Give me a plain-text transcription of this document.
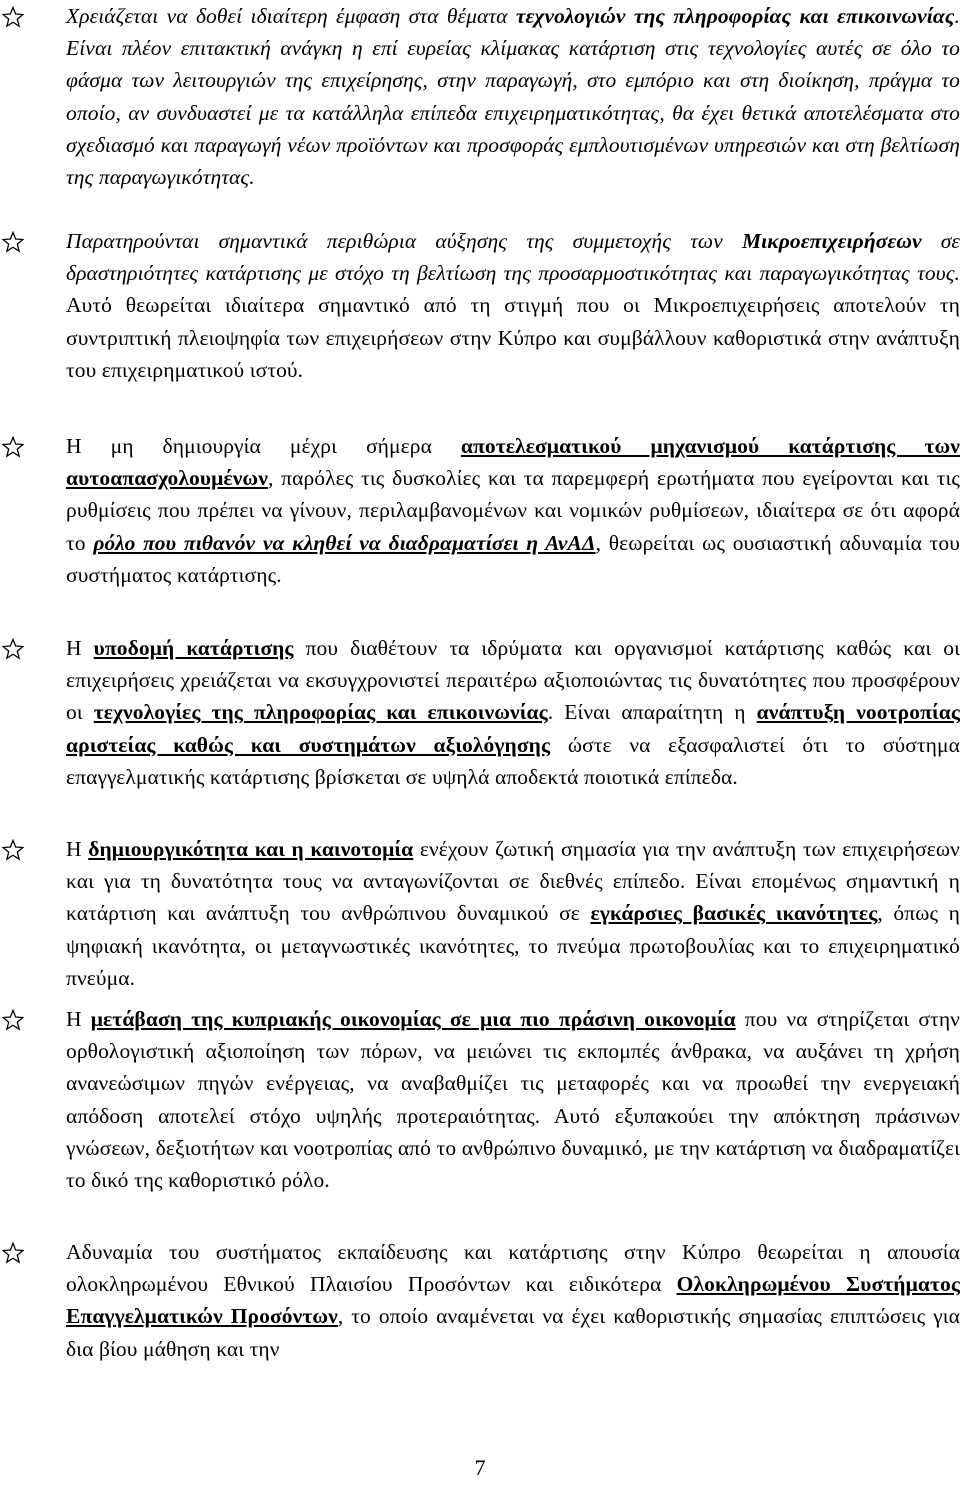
Χρειάζεται να δοθεί ιδιαίτερη έμφαση στα θέματα τεχνολογιών της πληροφορίας και επικοινωνίας. Είναι πλέον επιτακτική ανάγκη η επί ευρείας κλίμακας κατάρτιση στις τεχνολογίες αυτές σε όλο το φάσμα των λειτουργιών της επιχείρησης, στην παραγωγή, στο εμπόριο και στη διοίκηση, πράγμα το οποίο, αν συνδυαστεί με τα κατάλληλα επίπεδα επιχειρηματικότητας, θα έχει θετικά αποτελέσματα στο σχεδιασμό και παραγωγή νέων προϊόντων και προσφοράς εμπλουτισμένων υπηρεσιών και στη βελτίωση της παραγωγικότητας.
Παρατηρούνται σημαντικά περιθώρια αύξησης της συμμετοχής των Μικροεπιχειρήσεων σε δραστηριότητες κατάρτισης με στόχο τη βελτίωση της προσαρμοστικότητας και παραγωγικότητας τους. Αυτό θεωρείται ιδιαίτερα σημαντικό από τη στιγμή που οι Μικροεπιχειρήσεις αποτελούν τη συντριπτική πλειοψηφία των επιχειρήσεων στην Κύπρο και συμβάλλουν καθοριστικά στην ανάπτυξη του επιχειρηματικού ιστού.
Η μη δημιουργία μέχρι σήμερα αποτελεσματικού μηχανισμού κατάρτισης των αυτοαπασχολουμένων, παρόλες τις δυσκολίες και τα παρεμφερή ερωτήματα που εγείρονται και τις ρυθμίσεις που πρέπει να γίνουν, περιλαμβανομένων και νομικών ρυθμίσεων, ιδιαίτερα σε ότι αφορά το ρόλο που πιθανόν να κληθεί να διαδραματίσει η ΑνΑΔ, θεωρείται ως ουσιαστική αδυναμία του συστήματος κατάρτισης.
Η υποδομή κατάρτισης που διαθέτουν τα ιδρύματα και οργανισμοί κατάρτισης καθώς και οι επιχειρήσεις χρειάζεται να εκσυγχρονιστεί περαιτέρω αξιοποιώντας τις δυνατότητες που προσφέρουν οι τεχνολογίες της πληροφορίας και επικοινωνίας. Είναι απαραίτητη η ανάπτυξη νοοτροπίας αριστείας καθώς και συστημάτων αξιολόγησης ώστε να εξασφαλιστεί ότι το σύστημα επαγγελματικής κατάρτισης βρίσκεται σε υψηλά αποδεκτά ποιοτικά επίπεδα.
Η δημιουργικότητα και η καινοτομία ενέχουν ζωτική σημασία για την ανάπτυξη των επιχειρήσεων και για τη δυνατότητα τους να ανταγωνίζονται σε διεθνές επίπεδο. Είναι επομένως σημαντική η κατάρτιση και ανάπτυξη του ανθρώπινου δυναμικού σε εγκάρσιες βασικές ικανότητες, όπως η ψηφιακή ικανότητα, οι μεταγνωστικές ικανότητες, το πνεύμα πρωτοβουλίας και το επιχειρηματικό πνεύμα.
Η μετάβαση της κυπριακής οικονομίας σε μια πιο πράσινη οικονομία που να στηρίζεται στην ορθολογιστική αξιοποίηση των πόρων, να μειώνει τις εκπομπές άνθρακα, να αυξάνει τη χρήση ανανεώσιμων πηγών ενέργειας, να αναβαθμίζει τις μεταφορές και να προωθεί την ενεργειακή απόδοση αποτελεί στόχο υψηλής προτεραιότητας. Αυτό εξυπακούει την απόκτηση πράσινων γνώσεων, δεξιοτήτων και νοοτροπίας από το ανθρώπινο δυναμικό, με την κατάρτιση να διαδραματίζει το δικό της καθοριστικό ρόλο.
Αδυναμία του συστήματος εκπαίδευσης και κατάρτισης στην Κύπρο θεωρείται η απουσία ολοκληρωμένου Εθνικού Πλαισίου Προσόντων και ειδικότερα Ολοκληρωμένου Συστήματος Επαγγελματικών Προσόντων, το οποίο αναμένεται να έχει καθοριστικής σημασίας επιπτώσεις για δια βίου μάθηση και την
7
